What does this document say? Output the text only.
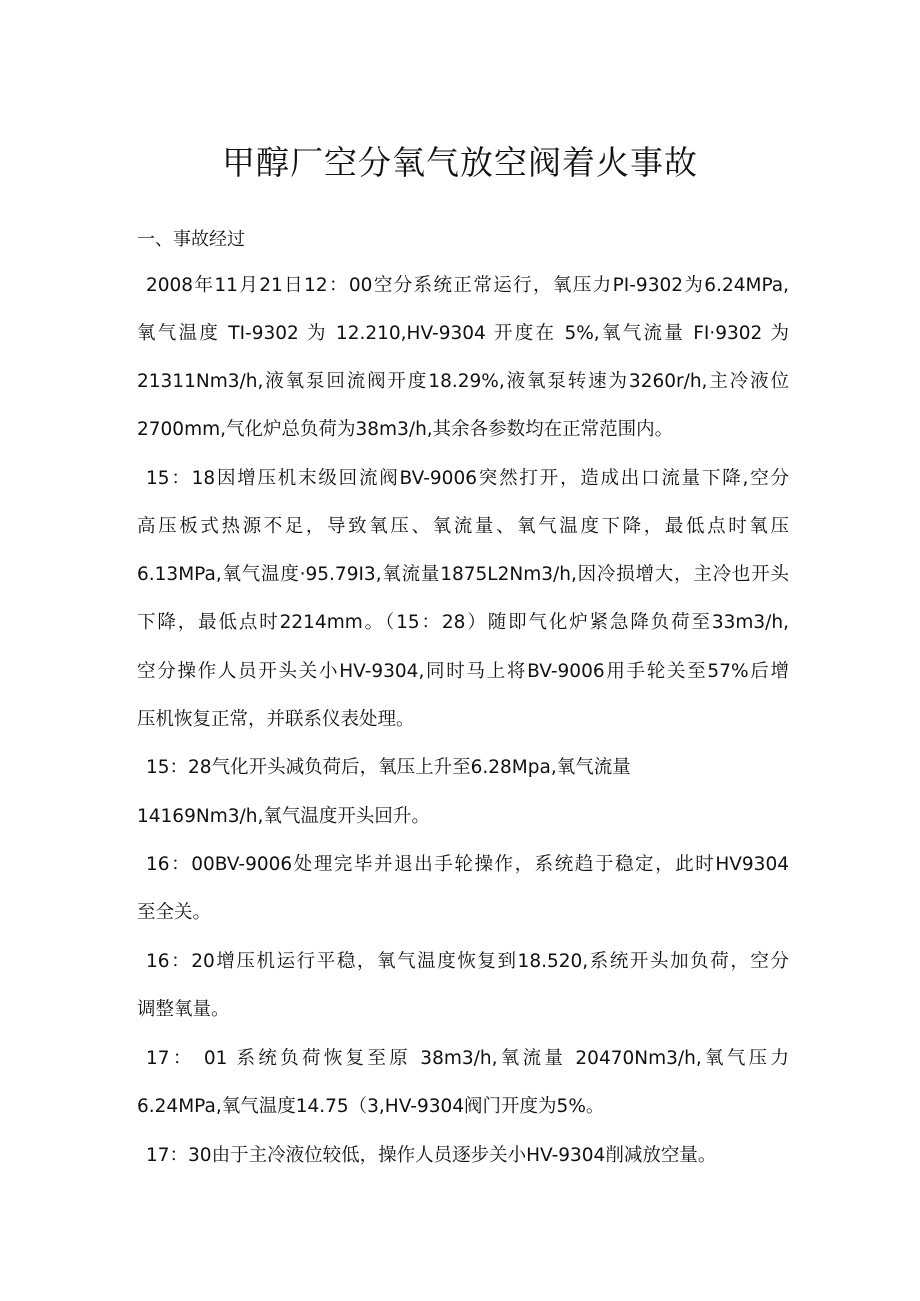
甲醇厂空分氧气放空阀着火事故
一、事故经过
2008年11月21日12：00空分系统正常运行，氧压力PI-9302为6.24MPa,
氧气温度 TI-9302 为 12.210,HV-9304 开度在 5%,氧气流量 FI·9302 为
21311Nm3/h,液氧泵回流阀开度18.29%,液氧泵转速为3260r/h,主冷液位
2700mm,气化炉总负荷为38m3/h,其余各参数均在正常范围内。
15：18因增压机末级回流阀BV-9006突然打开，造成出口流量下降,空分
高压板式热源不足，导致氧压、氧流量、氧气温度下降，最低点时氧压
6.13MPa,氧气温度·95.79I3,氧流量1875L2Nm3/h,因冷损增大，主冷也开头
下降，最低点时2214mm。（15：28）随即气化炉紧急降负荷至33m3/h,
空分操作人员开头关小HV-9304,同时马上将BV-9006用手轮关至57%后增
压机恢复正常，并联系仪表处理。
15：28气化开头减负荷后，氧压上升至6.28Mpa,氧气流量
14169Nm3/h,氧气温度开头回升。
16：00BV-9006处理完毕并退出手轮操作，系统趋于稳定，此时HV9304
至全关。
16：20增压机运行平稳，氧气温度恢复到18.520,系统开头加负荷，空分
调整氧量。
17： 01 系统负荷恢复至原 38m3/h,氧流量 20470Nm3/h,氧气压力
6.24MPa,氧气温度14.75（3,HV-9304阀门开度为5%。
17：30由于主冷液位较低，操作人员逐步关小HV-9304削减放空量。
